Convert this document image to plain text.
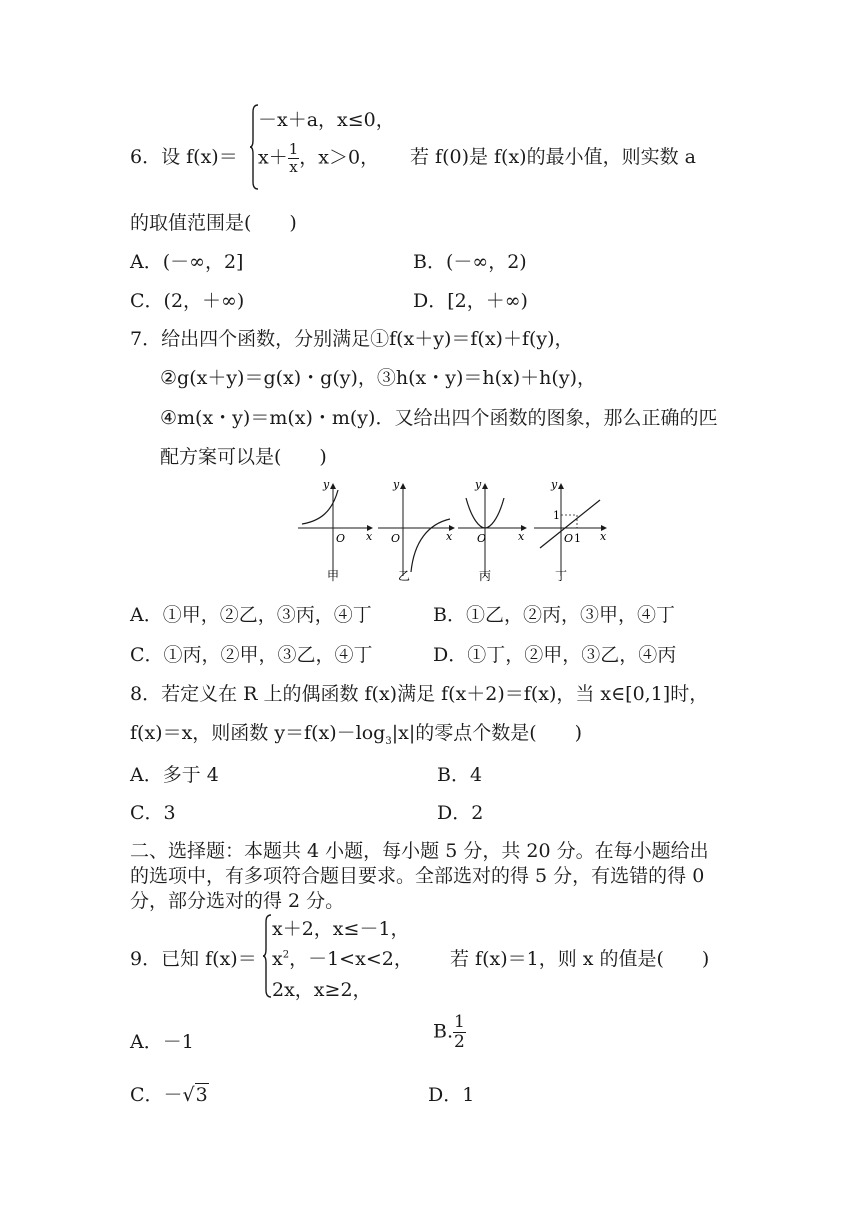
6．设 f(x)＝
－x＋a，x≤0，
$x+ \frac{1}{x}$ ，x＞0， 若 f(0)是 f(x)的最小值，则实数 a
的取值范围是(　　)
A．(－∞，2]	B．(－∞，2)
C．(2，＋∞)	D．[2，＋∞)
7．给出四个函数，分别满足①f(x＋y)＝f(x)＋f(y)，
②g(x＋y)＝g(x)・g(y)，③h(x・y)＝h(x)＋h(y)，
④m(x・y)＝m(x)・m(y)．又给出四个函数的图象，那么正确的匹
配方案可以是(　　)
y
x
O
甲
y
x
O
乙
y
x
O
丙
y
x
O 1
1
丁
A．①甲，②乙，③丙，④丁	B．①乙，②丙，③甲，④丁
C．①丙，②甲，③乙，④丁	D．①丁，②甲，③乙，④丙
8．若定义在 R 上的偶函数 f(x)满足 f(x＋2)＝f(x)，当 x∈[0,1]时，
f(x)＝x，则函数 $y=f(x)-\log_3|x|$的零点个数是(　　)
A．多于 4	B．4
C．3	D．2
二、选择题：本题共 4 小题，每小题 5 分，共 20 分。在每小题给出
的选项中，有多项符合题目要求。全部选对的得 5 分，有选错的得 0
分，部分选对的得 2 分。
9．已知 f(x)＝
x＋2，x≤－1，
$x^2$，－1<x<2，
2x，x≥2，
若 f(x)＝1，则 x 的值是(　　)
A．－1	B. $\frac{1}{2}$
C．－√3	D．1
